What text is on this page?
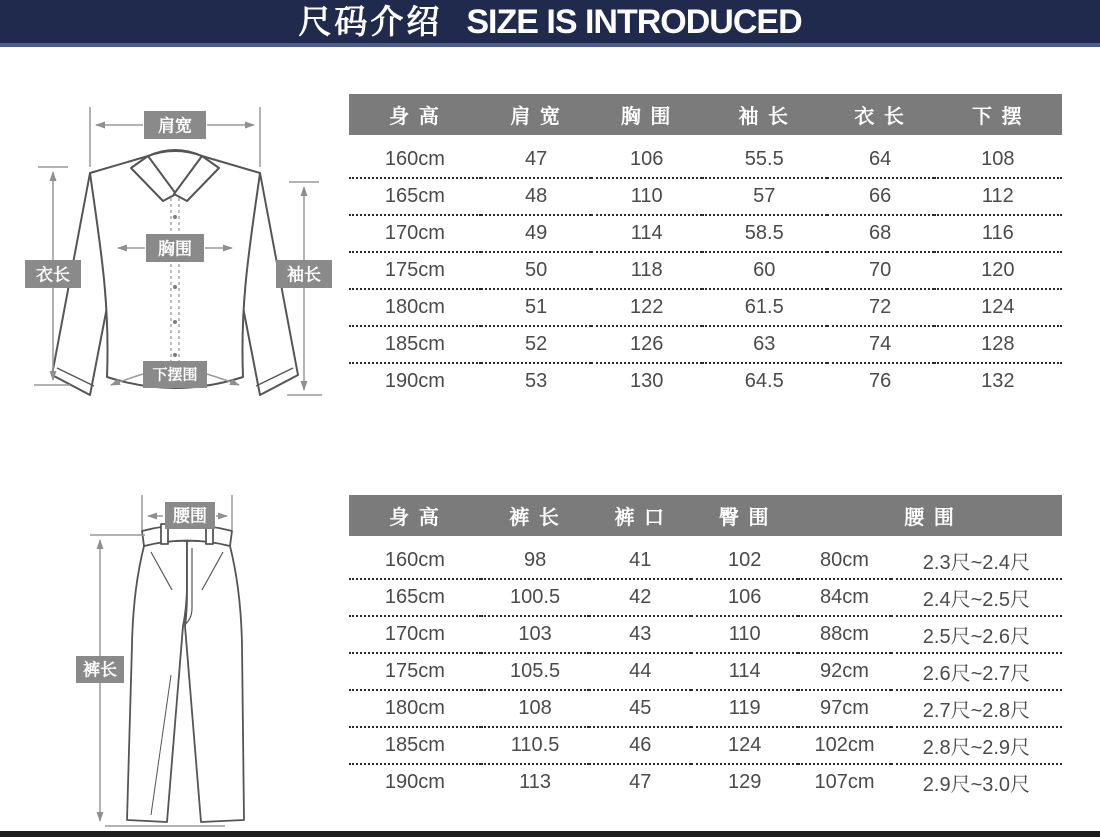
尺码介绍 SIZE IS INTRODUCED
肩宽
胸围
衣长	袖长
下摆围
腰围
裤长
身 高	肩 宽	胸 围	袖 长	衣 长	下 摆
160cm	47	106	55.5	64	108
165cm	48	110	57	66	112
170cm	49	114	58.5	68	116
175cm	50	118	60	70	120
180cm	51	122	61.5	72	124
185cm	52	126	63	74	128
190cm	53	130	64.5	76	132
身 高	裤 长	裤 口	臀 围	腰 围	
160cm	98	41	102	80cm	2.3尺~2.4尺
165cm	100.5	42	106	84cm	2.4尺~2.5尺
170cm	103	43	110	88cm	2.5尺~2.6尺
175cm	105.5	44	114	92cm	2.6尺~2.7尺
180cm	108	45	119	97cm	2.7尺~2.8尺
185cm	110.5	46	124	102cm	2.8尺~2.9尺
190cm	113	47	129	107cm	2.9尺~3.0尺
